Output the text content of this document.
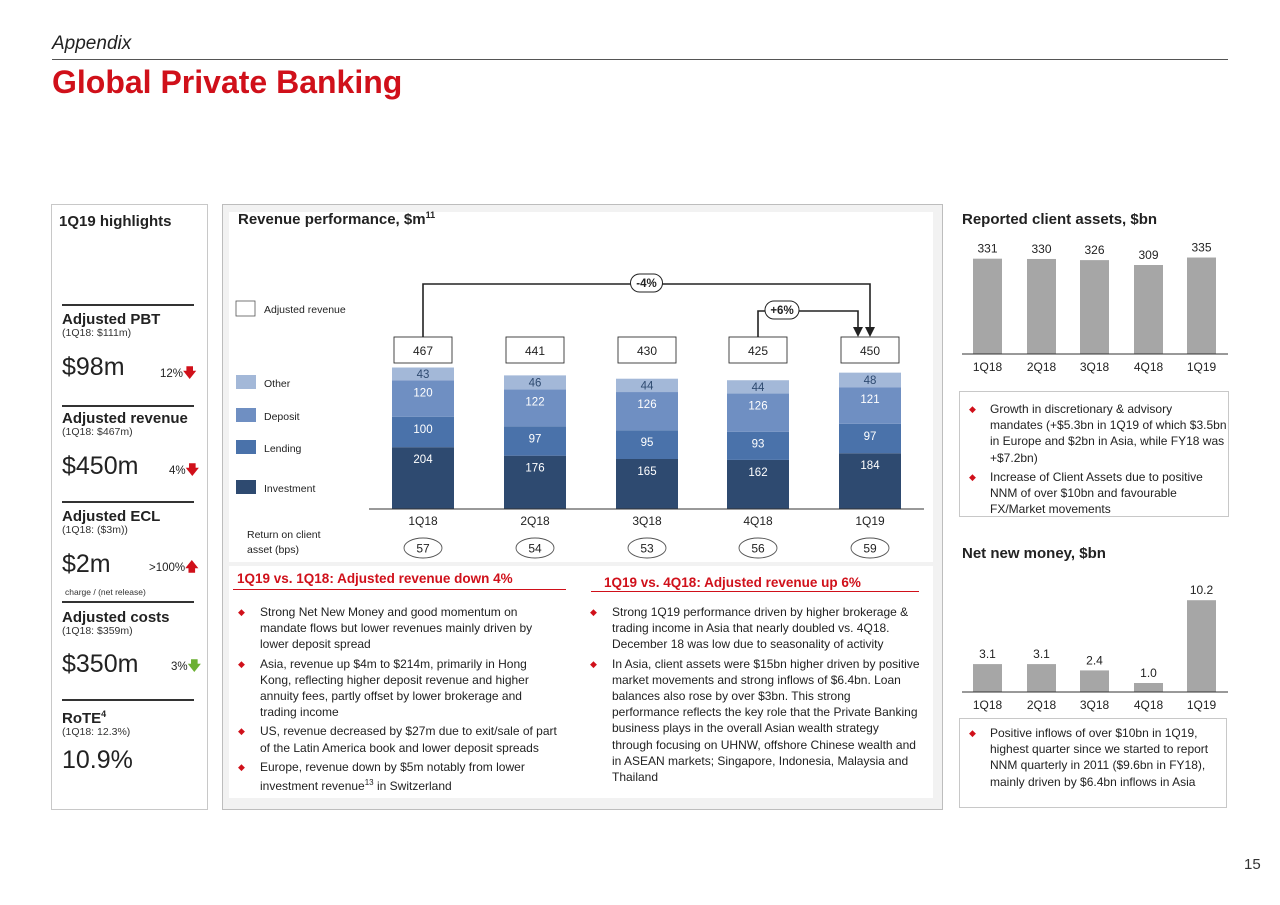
Appendix
Global Private Banking
1Q19 highlights
Adjusted PBT
(1Q18: $111m)
$98m	12%🡇
Adjusted revenue
(1Q18: $467m)
$450m	4%🡇
Adjusted ECL
(1Q18: ($3m))
$2m	>100%🡅
charge / (net release)
Adjusted costs
(1Q18: $359m)
$350m	3%🡇
RoTE$^4$
(1Q18: 12.3%)
10.9%
Revenue performance, $\$m^{11}$
Adjusted revenue
Other
Deposit
Lending
Investment
204
100
120
43
467
1Q18
57
176
97
122
46
441
2Q18
54
165
95
126
44
430
3Q18
53
162
93
126
44
425
4Q18
56
184
97
121
48
450
1Q19
59
Return on client
asset (bps)
-4%
+6%
1Q19 vs. 1Q18: Adjusted revenue down 4%	1Q19 vs. 4Q18: Adjusted revenue up 6%
◆ Strong Net New Money and good momentum on mandate flows but lower revenues mainly driven by lower deposit spread
◆ Asia, revenue up $4m to $214m, primarily in Hong Kong, reflecting higher deposit revenue and higher annuity fees, partly offset by lower brokerage and trading income
◆ US, revenue decreased by $27m due to exit/sale of part of the Latin America book and lower deposit spreads
◆ Europe, revenue down by $5m notably from lower investment revenue$^{13}$ in Switzerland
◆ Strong 1Q19 performance driven by higher brokerage & trading income in Asia that nearly doubled vs. 4Q18. December 18 was low due to seasonality of activity
◆ In Asia, client assets were $15bn higher driven by positive market movements and strong inflows of $6.4bn. Loan balances also rose by over $3bn. This strong performance reflects the key role that the Private Banking business plays in the overall Asian wealth strategy through focusing on UHNW, offshore Chinese wealth and in ASEAN markets; Singapore, Indonesia, Malaysia and Thailand
Reported client assets, $bn
331
1Q18
330
2Q18
326
3Q18
309
4Q18
335
1Q19
◆ Growth in discretionary & advisory mandates (+$5.3bn in 1Q19 of which $3.5bn in Europe and $2bn in Asia, while FY18 was +$7.2bn)
◆ Increase of Client Assets due to positive NNM of over $10bn and favourable FX/Market movements
Net new money, $bn
3.1
1Q18
3.1
2Q18
2.4
3Q18
1.0
4Q18
10.2
1Q19
◆ Positive inflows of over $10bn in 1Q19, highest quarter since we started to report NNM quarterly in 2011 ($9.6bn in FY18), mainly driven by $6.4bn inflows in Asia
15
